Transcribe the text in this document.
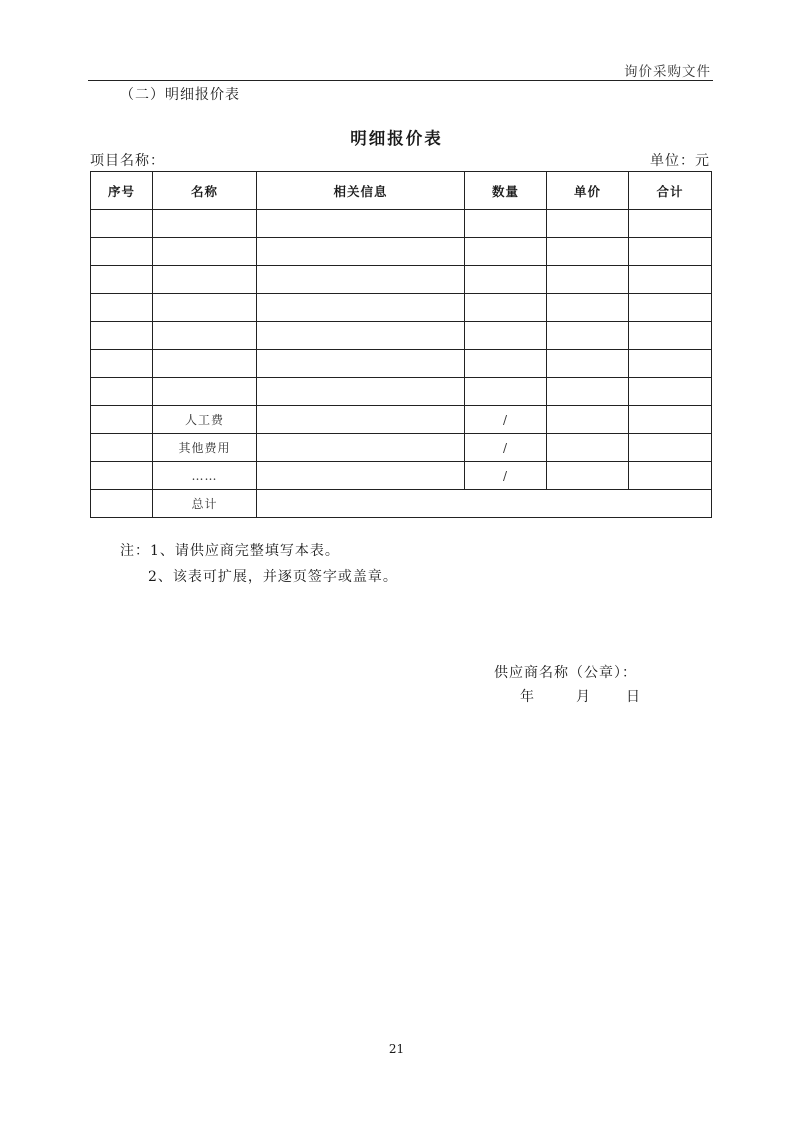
询价采购文件
（二）明细报价表
明细报价表
项目名称：	单位：元
序号	名称	相关信息	数量	单价	合计

	人工费		/		
	其他费用		/		
	……		/		
	总计				
注：1、请供应商完整填写本表。
2、该表可扩展，并逐页签字或盖章。
供应商名称（公章）：
年	月	日
21
